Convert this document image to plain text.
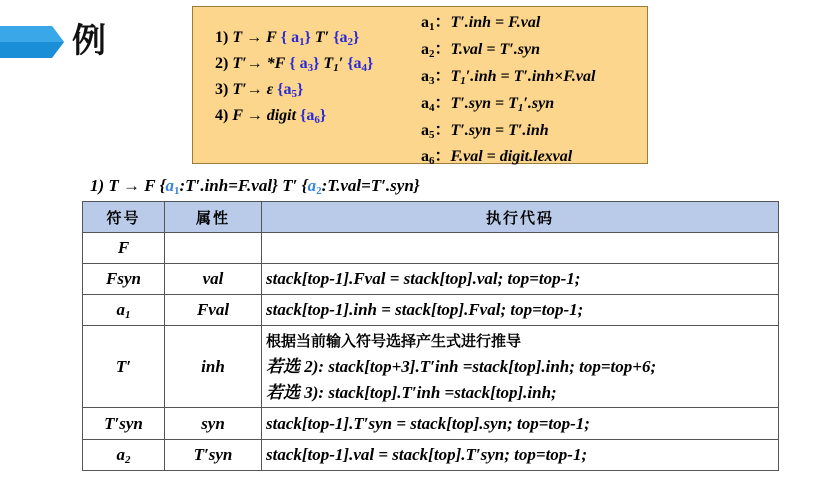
例	1) T → F { $a_1$} T′ $\{a_2\}$
2) T′→ *F { $a_3$} $T_1'$ $\{a_4\}$
3) T′→ ε $\{a_5\}$
4) F → digit $\{a_6\}$
$a_1$：T′.inh = F.val
$a_2$：T.val = T′.syn
$a_3$：$T_1'.inh = T'.inh\times F.val$
$a_4$：$T'.syn = T_1'.syn$
$a_5$：T′.syn = T′.inh
$a_6$：F.val = digit.lexval
1) T → F $\{a_1:T'.inh=F.val\}$ T′ $\{a_2:T.val=T'.syn\}$
符号	属性	执行代码
F		
Fsyn	val	stack[top-1].Fval = stack[top].val; top=top-1;
$a_1$	Fval	stack[top-1].inh = stack[top].Fval; top=top-1;
T′	inh	根据当前输入符号选择产生式进行推导
若选 2): stack[top+3].T′inh =stack[top].inh; top=top+6;
若选 3): stack[top].T′inh =stack[top].inh;

T′syn	syn	stack[top-1].T′syn = stack[top].syn; top=top-1;
$a_2$	T′syn	stack[top-1].val = stack[top].T′syn; top=top-1;
